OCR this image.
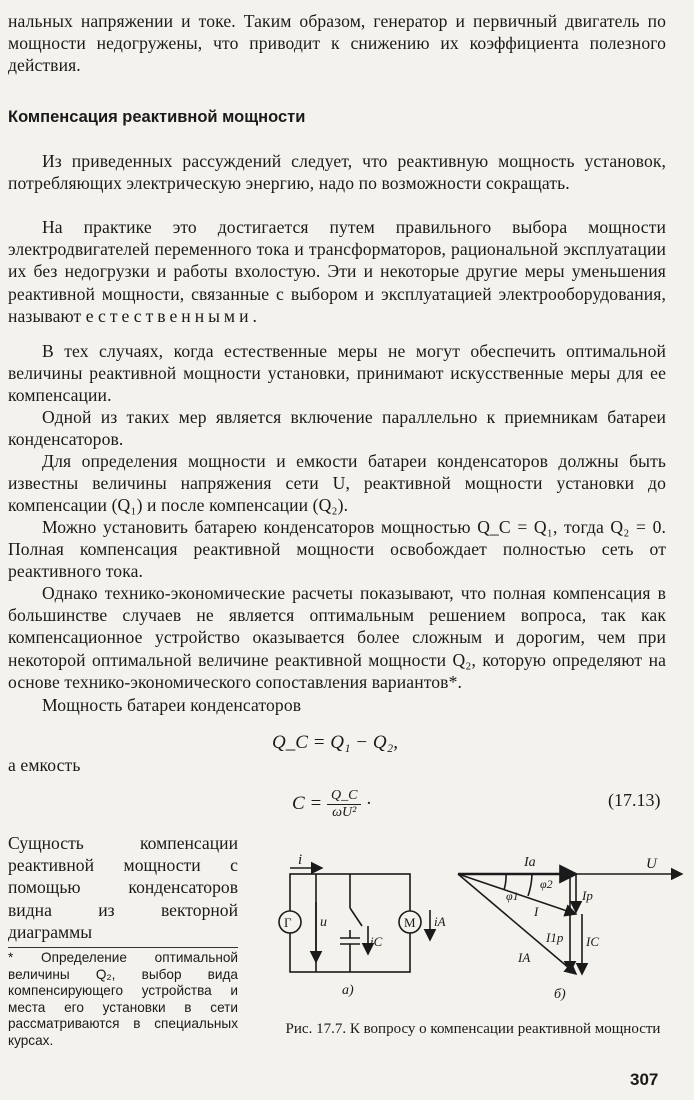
нальных напряжении и токе. Таким образом, генератор и первичный двигатель по мощности недогружены, что приводит к снижению их коэффициента полезного действия.
Компенсация реактивной мощности
Из приведенных рассуждений следует, что реактивную мощность установок, потребляющих электрическую энергию, надо по возможности сокращать.
На практике это достигается путем правильного выбора мощности электродвигателей переменного тока и трансформаторов, рациональной эксплуатации их без недогрузки и работы вхолостую. Эти и некоторые другие меры уменьшения реактивной мощности, связанные с выбором и эксплуатацией электрооборудования, называют естественными.
В тех случаях, когда естественные меры не могут обеспечить оптимальной величины реактивной мощности установки, принимают искусственные меры для ее компенсации.
Одной из таких мер является включение параллельно к приемникам батареи конденсаторов.
Для определения мощности и емкости батареи конденсаторов должны быть известны величины напряжения сети U, реактивной мощности установки до компенсации (Q₁) и после компенсации (Q₂).
Можно установить батарею конденсаторов мощностью Q_C = Q₁, тогда Q₂ = 0. Полная компенсация реактивной мощности освобождает полностью сеть от реактивного тока.
Однако технико-экономические расчеты показывают, что полная компенсация в большинстве случаев не является оптимальным решением вопроса, так как компенсационное устройство оказывается более сложным и дорогим, чем при некоторой оптимальной величине реактивной мощности Q₂, которую определяют на основе технико-экономического сопоставления вариантов*.
Мощность батареи конденсаторов
Q_C = Q₁ − Q₂,
а емкость
$C = \frac{Q\_C}{\text{ωU²}}$ ·	(17.13)
Сущность компенсации реактивной мощности с помощью конденсаторов видна из векторной диаграммы
* Определение оптимальной величины Q₂, выбор вида компенсирующего устройства и места его установки в сети рассматриваются в специальных курсах.
i
Г	М
u
iC
iA
а)
Ia	U
φ1
φ2
I
Ip
I1p
IA
IC
б)
Рис. 17.7. К вопросу о компенсации реактивной мощности
307
